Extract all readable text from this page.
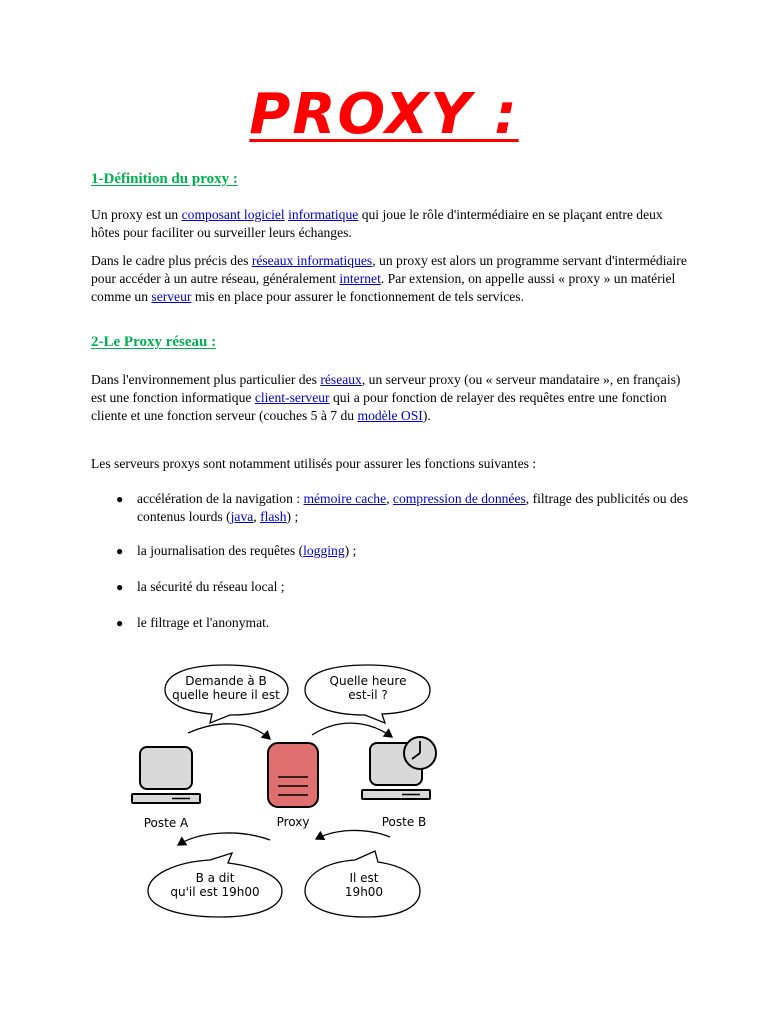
PROXY :
1-Définition du proxy :

Un proxy est un composant logiciel informatique qui joue le rôle d'intermédiaire en se plaçant entre deux hôtes pour faciliter ou surveiller leurs échanges.

Dans le cadre plus précis des réseaux informatiques, un proxy est alors un programme servant d'intermédiaire pour accéder à un autre réseau, généralement internet. Par extension, on appelle aussi « proxy » un matériel comme un serveur mis en place pour assurer le fonctionnement de tels services.

2-Le Proxy réseau :

Dans l'environnement plus particulier des réseaux, un serveur proxy (ou « serveur mandataire », en français) est une fonction informatique client-serveur qui a pour fonction de relayer des requêtes entre une fonction cliente et une fonction serveur (couches 5 à 7 du modèle OSI).

Les serveurs proxys sont notamment utilisés pour assurer les fonctions suivantes :
● accélération de la navigation : mémoire cache, compression de données, filtrage des publicités ou des contenus lourds (java, flash) ;
● la journalisation des requêtes (logging) ;
● la sécurité du réseau local ;
● le filtrage et l'anonymat.
Demande à B
quelle heure il est
Quelle heure
est-il ?
Poste A	Proxy	Poste B
B a dit
qu'il est 19h00
Il est
19h00
